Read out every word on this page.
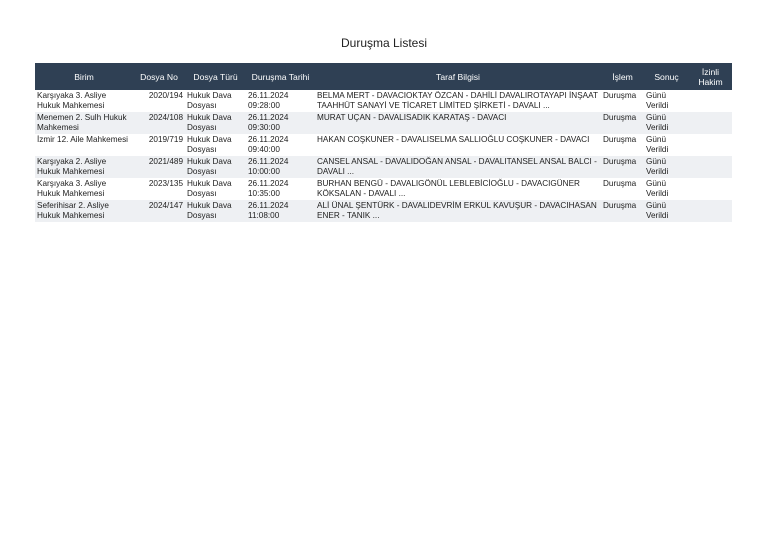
Duruşma Listesi
Birim	Dosya No	Dosya Türü	Duruşma Tarihi	Taraf Bilgisi	İşlem	Sonuç	İzinli Hakim
Karşıyaka 3. Asliye Hukuk Mahkemesi	2020/194	Hukuk Dava Dosyası	26.11.2024 09:28:00	BELMA MERT - DAVACIOKTAY ÖZCAN - DAHİLİ DAVALIROTAYAPI İNŞAAT TAAHHÜT SANAYİ VE TİCARET LİMİTED ŞİRKETİ - DAVALI ...	Duruşma	Günü Verildi	
Menemen 2. Sulh Hukuk Mahkemesi	2024/108	Hukuk Dava Dosyası	26.11.2024 09:30:00	MURAT UÇAN - DAVALISADIK KARATAŞ - DAVACI	Duruşma	Günü Verildi	
İzmir 12. Aile Mahkemesi	2019/719	Hukuk Dava Dosyası	26.11.2024 09:40:00	HAKAN COŞKUNER - DAVALISELMA SALLIOĞLU COŞKUNER - DAVACI	Duruşma	Günü Verildi	
Karşıyaka 2. Asliye Hukuk Mahkemesi	2021/489	Hukuk Dava Dosyası	26.11.2024 10:00:00	CANSEL ANSAL - DAVALIDOĞAN ANSAL - DAVALITANSEL ANSAL BALCI - DAVALI ...	Duruşma	Günü Verildi	
Karşıyaka 3. Asliye Hukuk Mahkemesi	2023/135	Hukuk Dava Dosyası	26.11.2024 10:35:00	BURHAN BENGÜ - DAVALIGÖNÜL LEBLEBİCİOĞLU - DAVACIGÜNER KÖKSALAN - DAVALI ...	Duruşma	Günü Verildi	
Seferihisar 2. Asliye Hukuk Mahkemesi	2024/147	Hukuk Dava Dosyası	26.11.2024 11:08:00	ALİ ÜNAL ŞENTÜRK - DAVALIDEVRİM ERKUL KAVUŞUR - DAVACIHASAN ENER - TANIK ...	Duruşma	Günü Verildi	
